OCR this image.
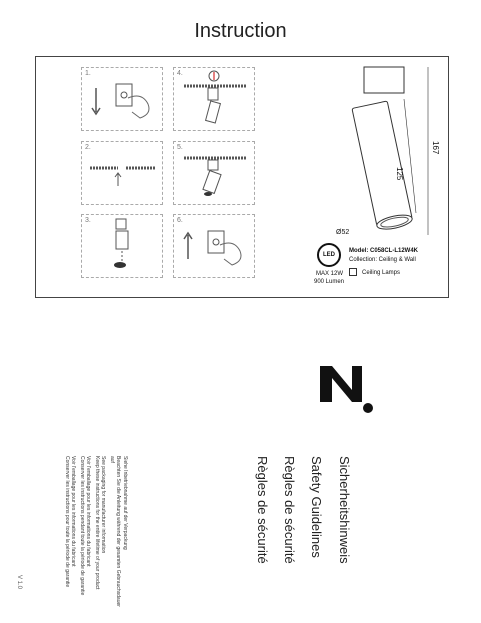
Instruction
1.
2.
3.
4.
5.
6.
167
125
Ø52
LED
MAX 12W
900 Lumen
Model: C058CL-L12W4K
Collection: Ceiling & Wall
Ceiling Lamps
Sicherheitshinweis
Safety Guidelines
Règles de sécurité
Règles de sécurité
Siehe Inbetriebnahme auf der Verpackung
Beachten Sie die Anleitung während der gesamten Gebrauchsdauer
auf
See packaging for manufacturer information
Keep these instructions for the entire lifetime of your product
Voir l'emballage pour les informations du fabricant
Conserver les instructions pendant toute la période de garantie
Voir l'emballage pour les informations du fabricant
Conserver les instructions pour toute la période de garantie
V 1.0
